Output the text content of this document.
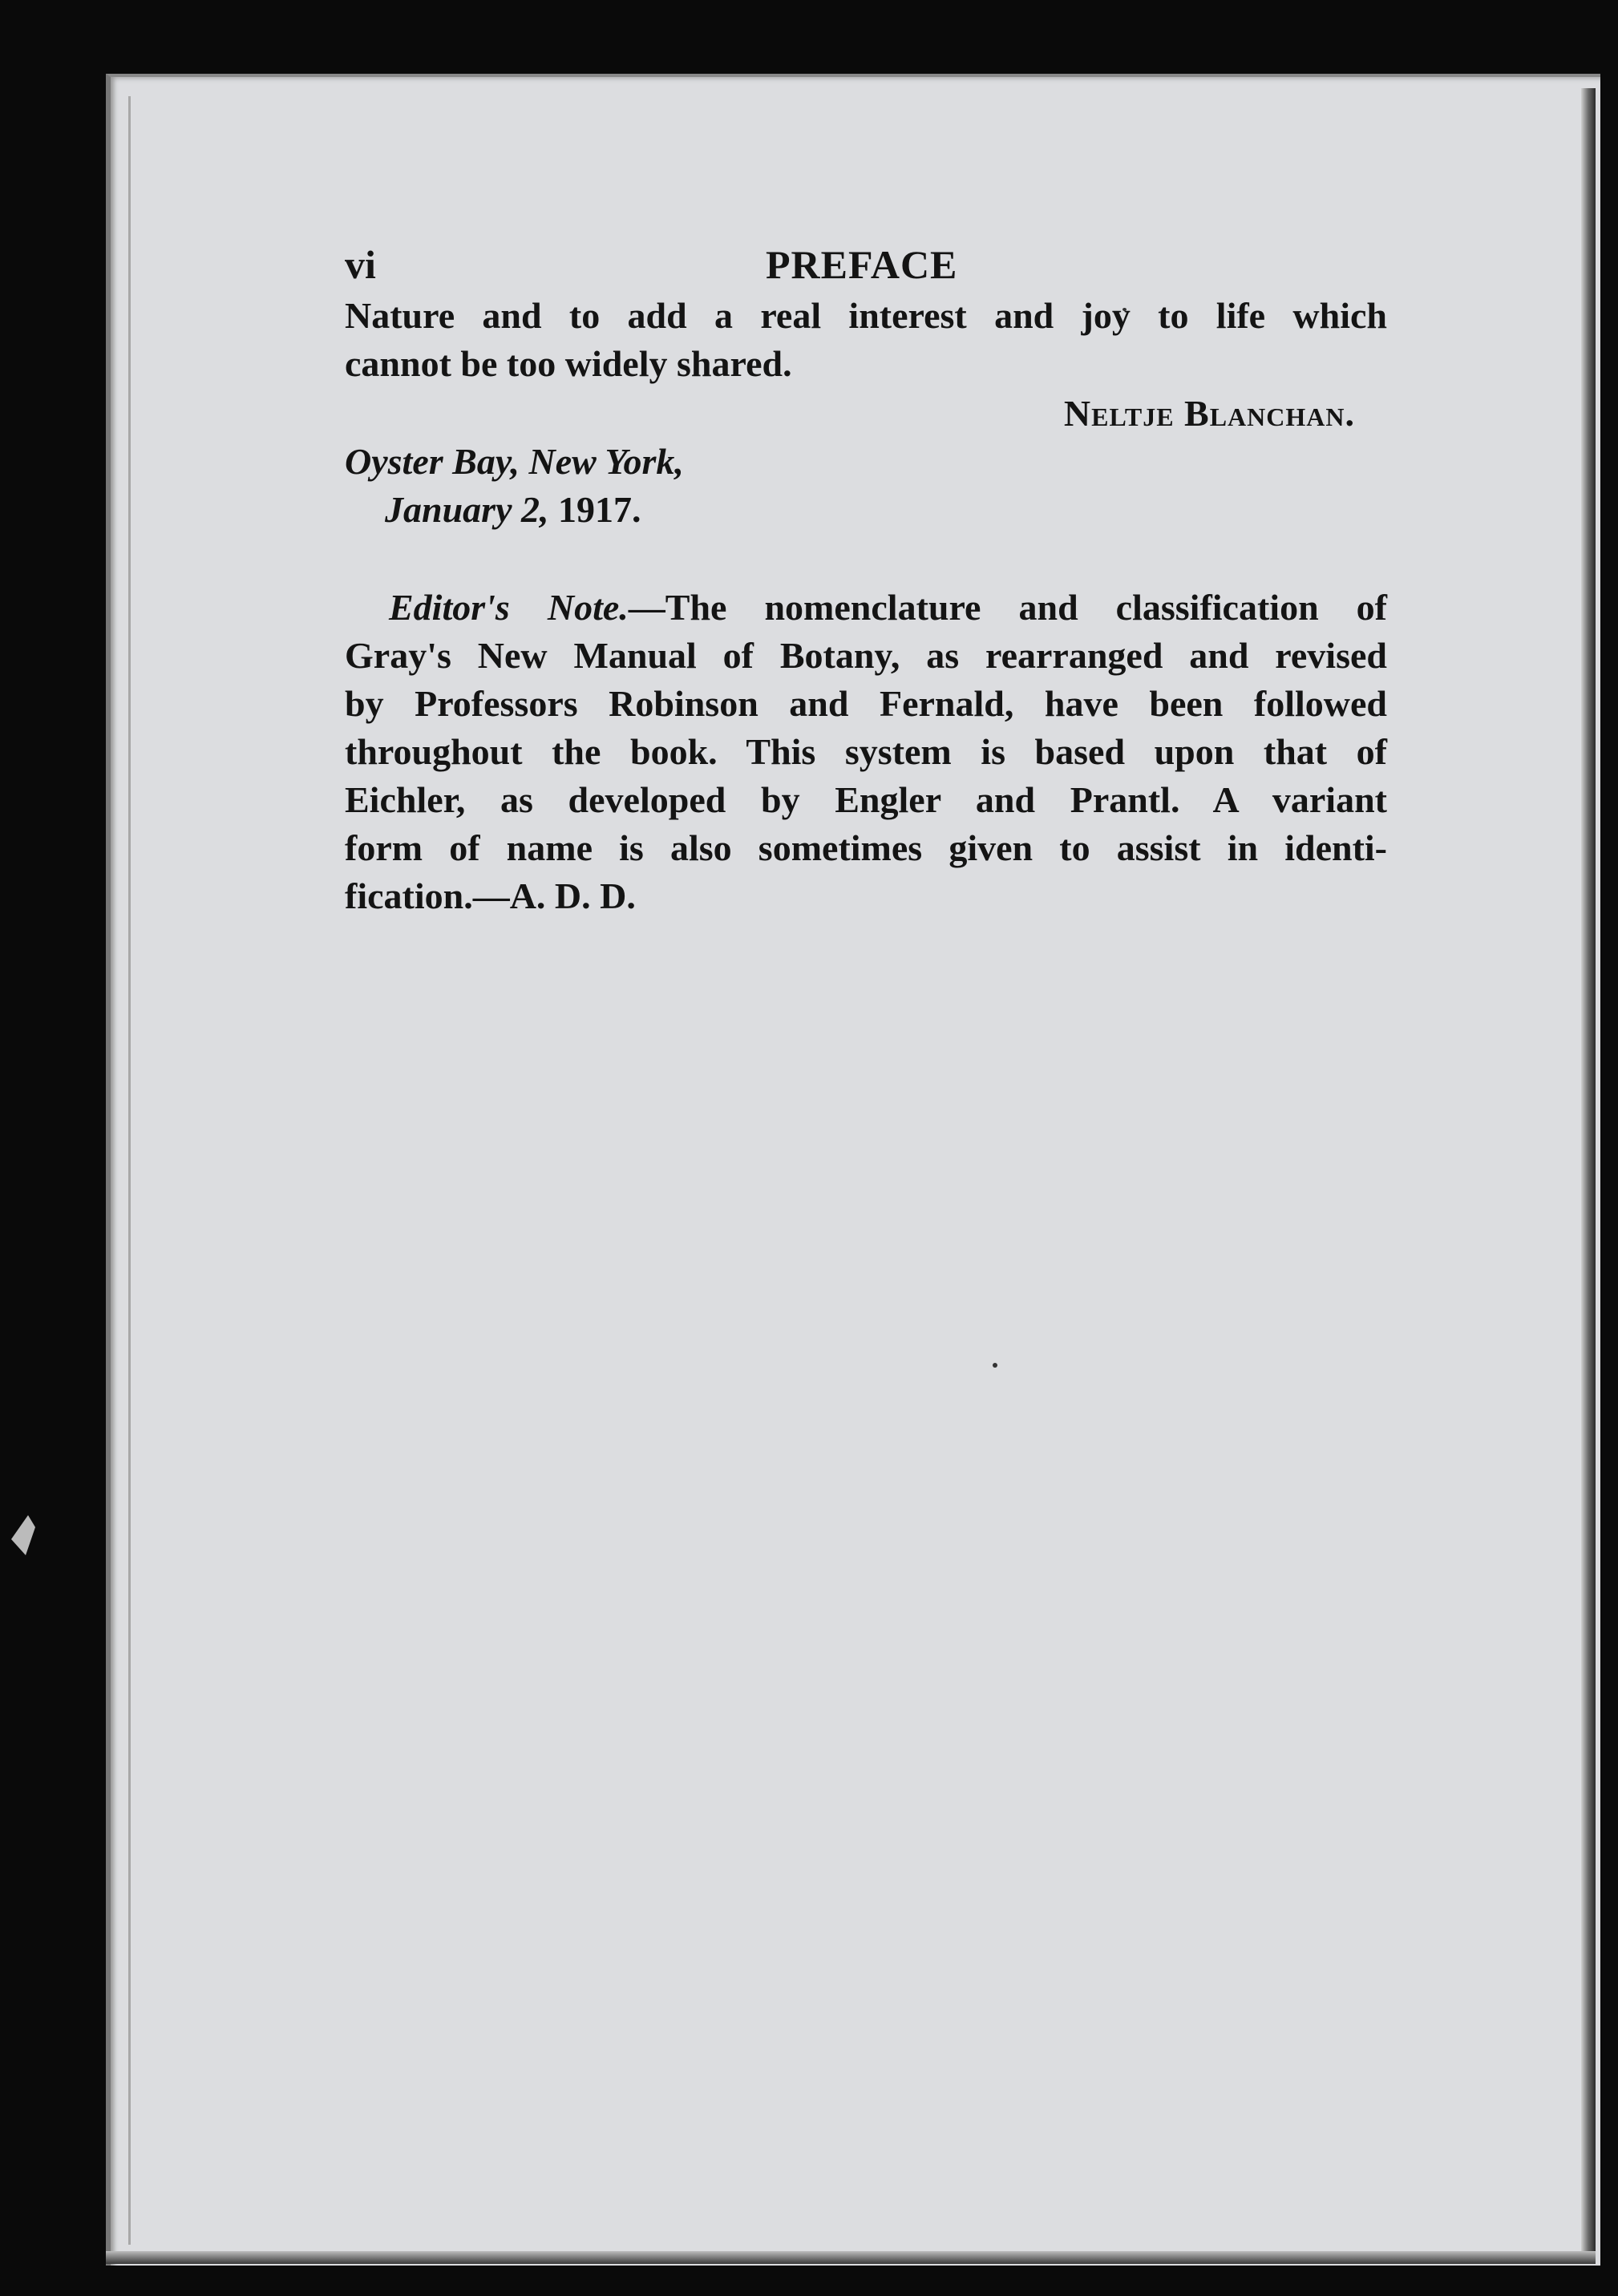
vi	PREFACE

Nature and to add a real interest and joy to life which
cannot be too widely shared.

Neltje Blanchan.
Oyster Bay, New York,
January 2, 1917.
Editor's Note.—The nomenclature and classification of
Gray's New Manual of Botany, as rearranged and revised
by Professors Robinson and Fernald, have been followed
throughout the book. This system is based upon that of
Eichler, as developed by Engler and Prantl. A variant
form of name is also sometimes given to assist in identi-
fication.—A. D. D.
